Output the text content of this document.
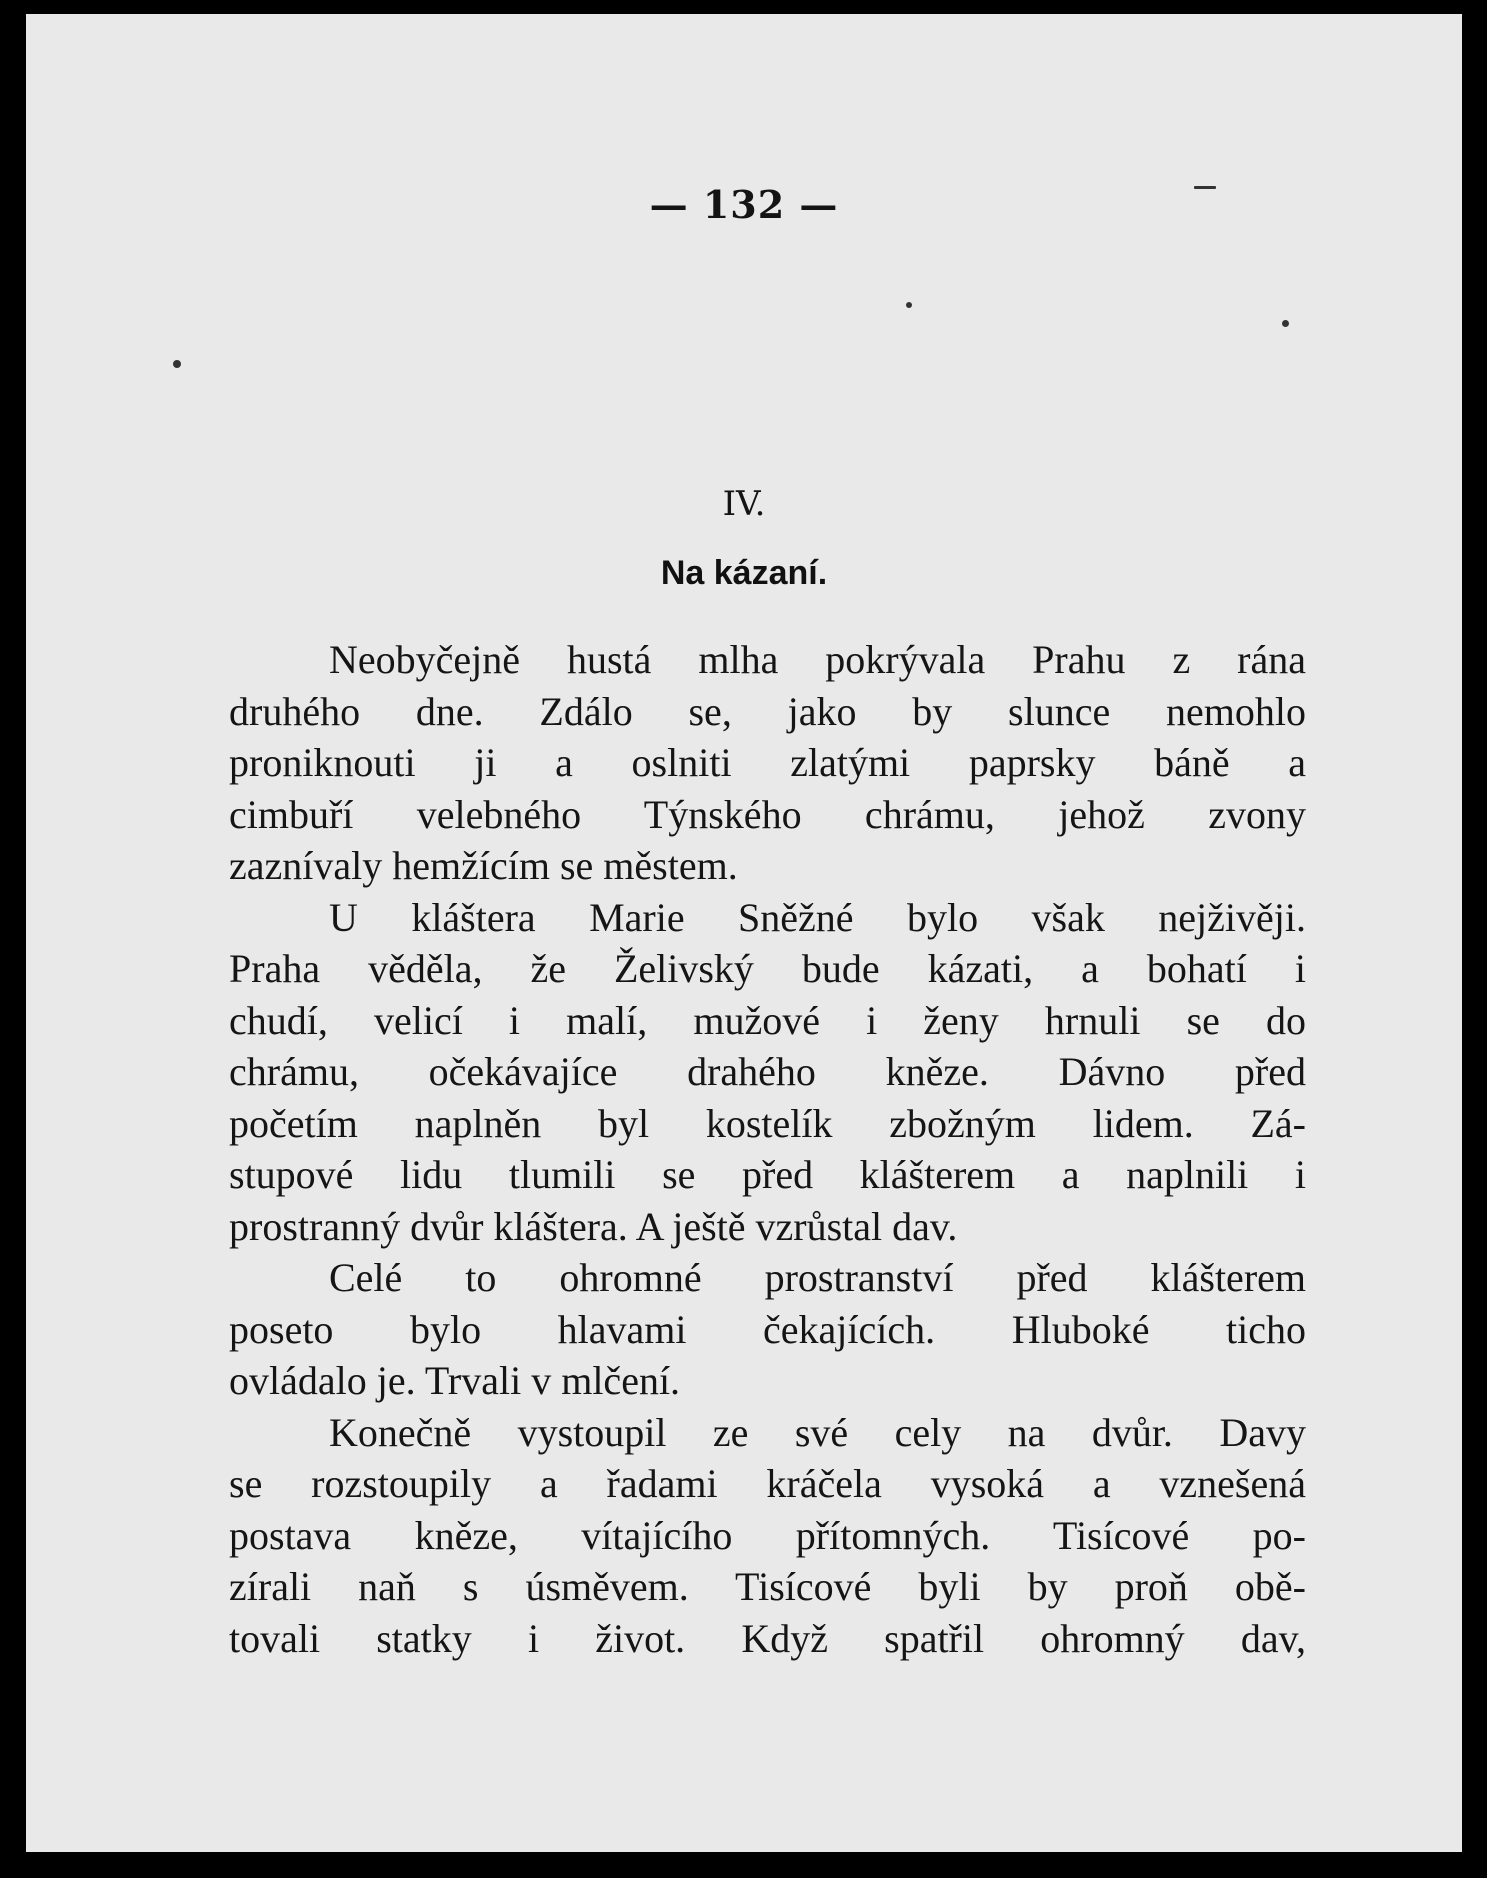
— 132 —
IV.
Na kázaní.
Neobyčejně hustá mlha pokrývala Prahu z rána
druhého dne. Zdálo se, jako by slunce nemohlo
proniknouti ji a oslniti zlatými paprsky báně a
cimbuří velebného Týnského chrámu, jehož zvony
zaznívaly hemžícím se městem.
U kláštera Marie Sněžné bylo však nejživěji.
Praha věděla, že Želivský bude kázati, a bohatí i
chudí, velicí i malí, mužové i ženy hrnuli se do
chrámu, očekávajíce drahého kněze. Dávno před
početím naplněn byl kostelík zbožným lidem. Zá-
stupové lidu tlumili se před klášterem a naplnili i
prostranný dvůr kláštera. A ještě vzrůstal dav.
Celé to ohromné prostranství před klášterem
poseto bylo hlavami čekajících. Hluboké ticho
ovládalo je. Trvali v mlčení.
Konečně vystoupil ze své cely na dvůr. Davy
se rozstoupily a řadami kráčela vysoká a vznešená
postava kněze, vítajícího přítomných. Tisícové po-
zírali naň s úsměvem. Tisícové byli by proň obě-
tovali statky i život. Když spatřil ohromný dav,
